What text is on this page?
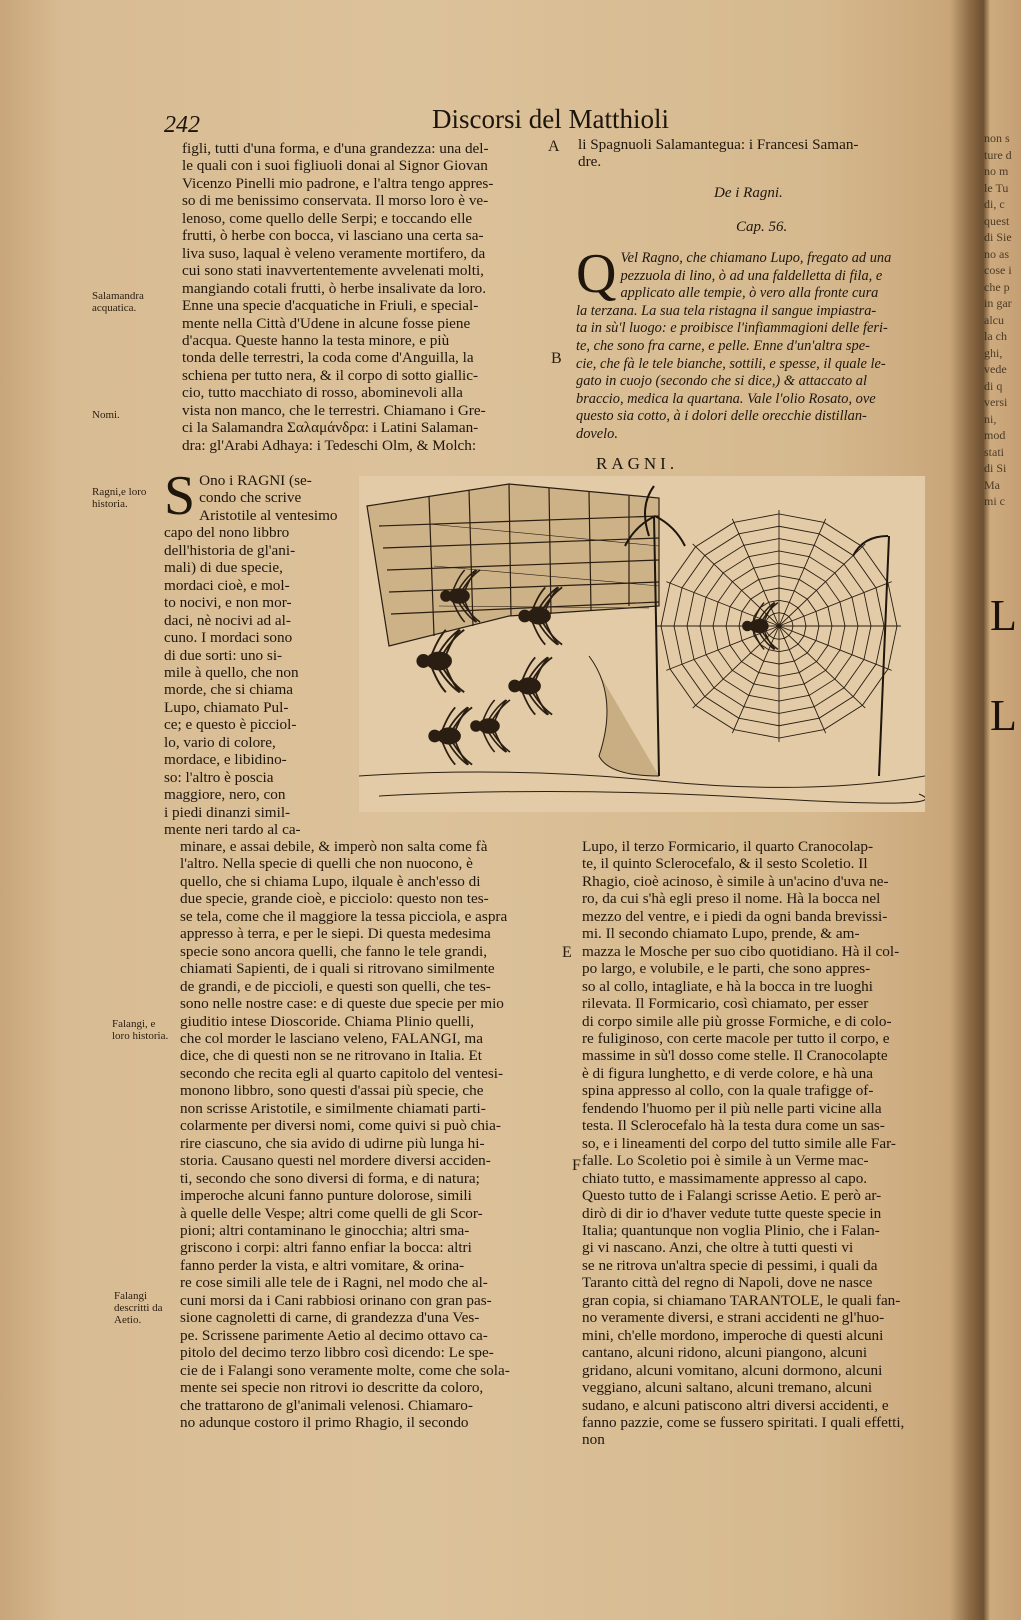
242	Discorsi del Matthioli
A
B
E
F
Salamandra acquatica.
Nomi.
Ragni,e loro historia.
Falangi, e loro historia.
Falangi descritti da Aetio.

figli, tutti d'una forma, e d'una grandezza: una del-

le quali con i suoi figliuoli donai al Signor Giovan

Vicenzo Pinelli mio padrone, e l'altra tengo appres-

so di me benissimo conservata. Il morso loro è ve-

lenoso, come quello delle Serpi; e toccando elle

frutti, ò herbe con bocca, vi lasciano una certa sa-

liva suso, laqual è veleno veramente mortifero, da

cui sono stati inavvertentemente avvelenati molti,

mangiando cotali frutti, ò herbe insalivate da loro.

Enne una specie d'acquatiche in Friuli, e special-

mente nella Città d'Udene in alcune fosse piene

d'acqua. Queste hanno la testa minore, e più

tonda delle terrestri, la coda come d'Anguilla, la

schiena per tutto nera, & il corpo di sotto giallic-

cio, tutto macchiato di rosso, abominevoli alla

vista non manco, che le terrestri. Chiamano i Gre-

ci la Salamandra Σαλαμάνδρα: i Latini Salaman-

dra: gl'Arabi Adhaya: i Tedeschi Olm, & Molch:

li Spagnuoli Salamantegua: i Francesi Saman-

dre.

De i Ragni.
Cap. 56.
Q Vel Ragno, che chiamano Lupo, fregato ad una

pezzuola di lino, ò ad una faldelletta di fila, e

applicato alle tempie, ò vero alla fronte cura

la terzana. La sua tela ristagna il sangue impiastra-

ta in sù'l luogo: e proibisce l'infiammagioni delle feri-

te, che sono fra carne, e pelle. Enne d'un'altra spe-

cie, che fà le tele bianche, sottili, e spesse, il quale le-

gato in cuojo (secondo che si dice,) & attaccato al

braccio, medica la quartana. Vale l'olio Rosato, ove

questo sia cotto, à i dolori delle orecchie distillan-

dovelo.

RAGNI.
S Ono i RAGNI (se-

condo che scrive

Aristotile al ventesimo

capo del nono libbro

dell'historia de gl'ani-

mali) di due specie,

mordaci cioè, e mol-

to nocivi, e non mor-

daci, nè nocivi ad al-

cuno. I mordaci sono

di due sorti: uno si-

mile à quello, che non

morde, che si chiama

Lupo, chiamato Pul-

ce; e questo è picciol-

lo, vario di colore,

mordace, e libidino-

so: l'altro è poscia

maggiore, nero, con

i piedi dinanzi simil-

mente neri tardo al ca-

minare, e assai debile, & imperò non salta come fà

l'altro. Nella specie di quelli che non nuocono, è

quello, che si chiama Lupo, ilquale è anch'esso di

due specie, grande cioè, e picciolo: questo non tes-

se tela, come che il maggiore la tessa picciola, e aspra

appresso à terra, e per le siepi. Di questa medesima

specie sono ancora quelli, che fanno le tele grandi,

chiamati Sapienti, de i quali si ritrovano similmente

de grandi, e de piccioli, e questi son quelli, che tes-

sono nelle nostre case: e di queste due specie per mio

giuditio intese Dioscoride. Chiama Plinio quelli,

che col morder le lasciano veleno, FALANGI, ma

dice, che di questi non se ne ritrovano in Italia. Et

secondo che recita egli al quarto capitolo del ventesi-

monono libbro, sono questi d'assai più specie, che

non scrisse Aristotile, e similmente chiamati parti-

colarmente per diversi nomi, come quivi si può chia-

rire ciascuno, che sia avido di udirne più lunga hi-

storia. Causano questi nel mordere diversi acciden-

ti, secondo che sono diversi di forma, e di natura;

imperoche alcuni fanno punture dolorose, simili

à quelle delle Vespe; altri come quelli de gli Scor-

pioni; altri contaminano le ginocchia; altri sma-

griscono i corpi: altri fanno enfiar la bocca: altri

fanno perder la vista, e altri vomitare, & orina-

re cose simili alle tele de i Ragni, nel modo che al-

cuni morsi da i Cani rabbiosi orinano con gran pas-

sione cagnoletti di carne, di grandezza d'una Ves-

pe. Scrissene parimente Aetio al decimo ottavo ca-

pitolo del decimo terzo libbro così dicendo: Le spe-

cie de i Falangi sono veramente molte, come che sola-

mente sei specie non ritrovi io descritte da coloro,

che trattarono de gl'animali velenosi. Chiamaro-

no adunque costoro il primo Rhagio, il secondo

Lupo, il terzo Formicario, il quarto Cranocolap-

te, il quinto Sclerocefalo, & il sesto Scoletio. Il

Rhagio, cioè acinoso, è simile à un'acino d'uva ne-

ro, da cui s'hà egli preso il nome. Hà la bocca nel

mezzo del ventre, e i piedi da ogni banda brevissi-

mi. Il secondo chiamato Lupo, prende, & am-

mazza le Mosche per suo cibo quotidiano. Hà il col-

po largo, e volubile, e le parti, che sono appres-

so al collo, intagliate, e hà la bocca in tre luoghi

rilevata. Il Formicario, così chiamato, per esser

di corpo simile alle più grosse Formiche, e di colo-

re fuliginoso, con certe macole per tutto il corpo, e

massime in sù'l dosso come stelle. Il Cranocolapte

è di figura lunghetto, e di verde colore, e hà una

spina appresso al collo, con la quale trafigge of-

fendendo l'huomo per il più nelle parti vicine alla

testa. Il Sclerocefalo hà la testa dura come un sas-

so, e i lineamenti del corpo del tutto simile alle Far-

falle. Lo Scoletio poi è simile à un Verme mac-

chiato tutto, e massimamente appresso al capo.

Questo tutto de i Falangi scrisse Aetio. E però ar-

dirò di dir io d'haver vedute tutte queste specie in

Italia; quantunque non voglia Plinio, che i Falan-

gi vi nascano. Anzi, che oltre à tutti questi vi

se ne ritrova un'altra specie di pessimi, i quali da

Taranto città del regno di Napoli, dove ne nasce

gran copia, si chiamano TARANTOLE, le quali fan-

no veramente diversi, e strani accidenti ne gl'huo-

mini, ch'elle mordono, imperoche di questi alcuni

cantano, alcuni ridono, alcuni piangono, alcuni

gridano, alcuni vomitano, alcuni dormono, alcuni

veggiano, alcuni saltano, alcuni tremano, alcuni

sudano, e alcuni patiscono altri diversi accidenti, e

fanno pazzie, come se fussero spiritati. I quali effetti,

non

non s
ture d
no m
le Tu
di, c
quest
di Sie
no as
cose i
che p
in gar
alcu
la ch
ghi,
vede
di q
versi
ni,
mod
stati
di Si
Ma
mi c
L
L
